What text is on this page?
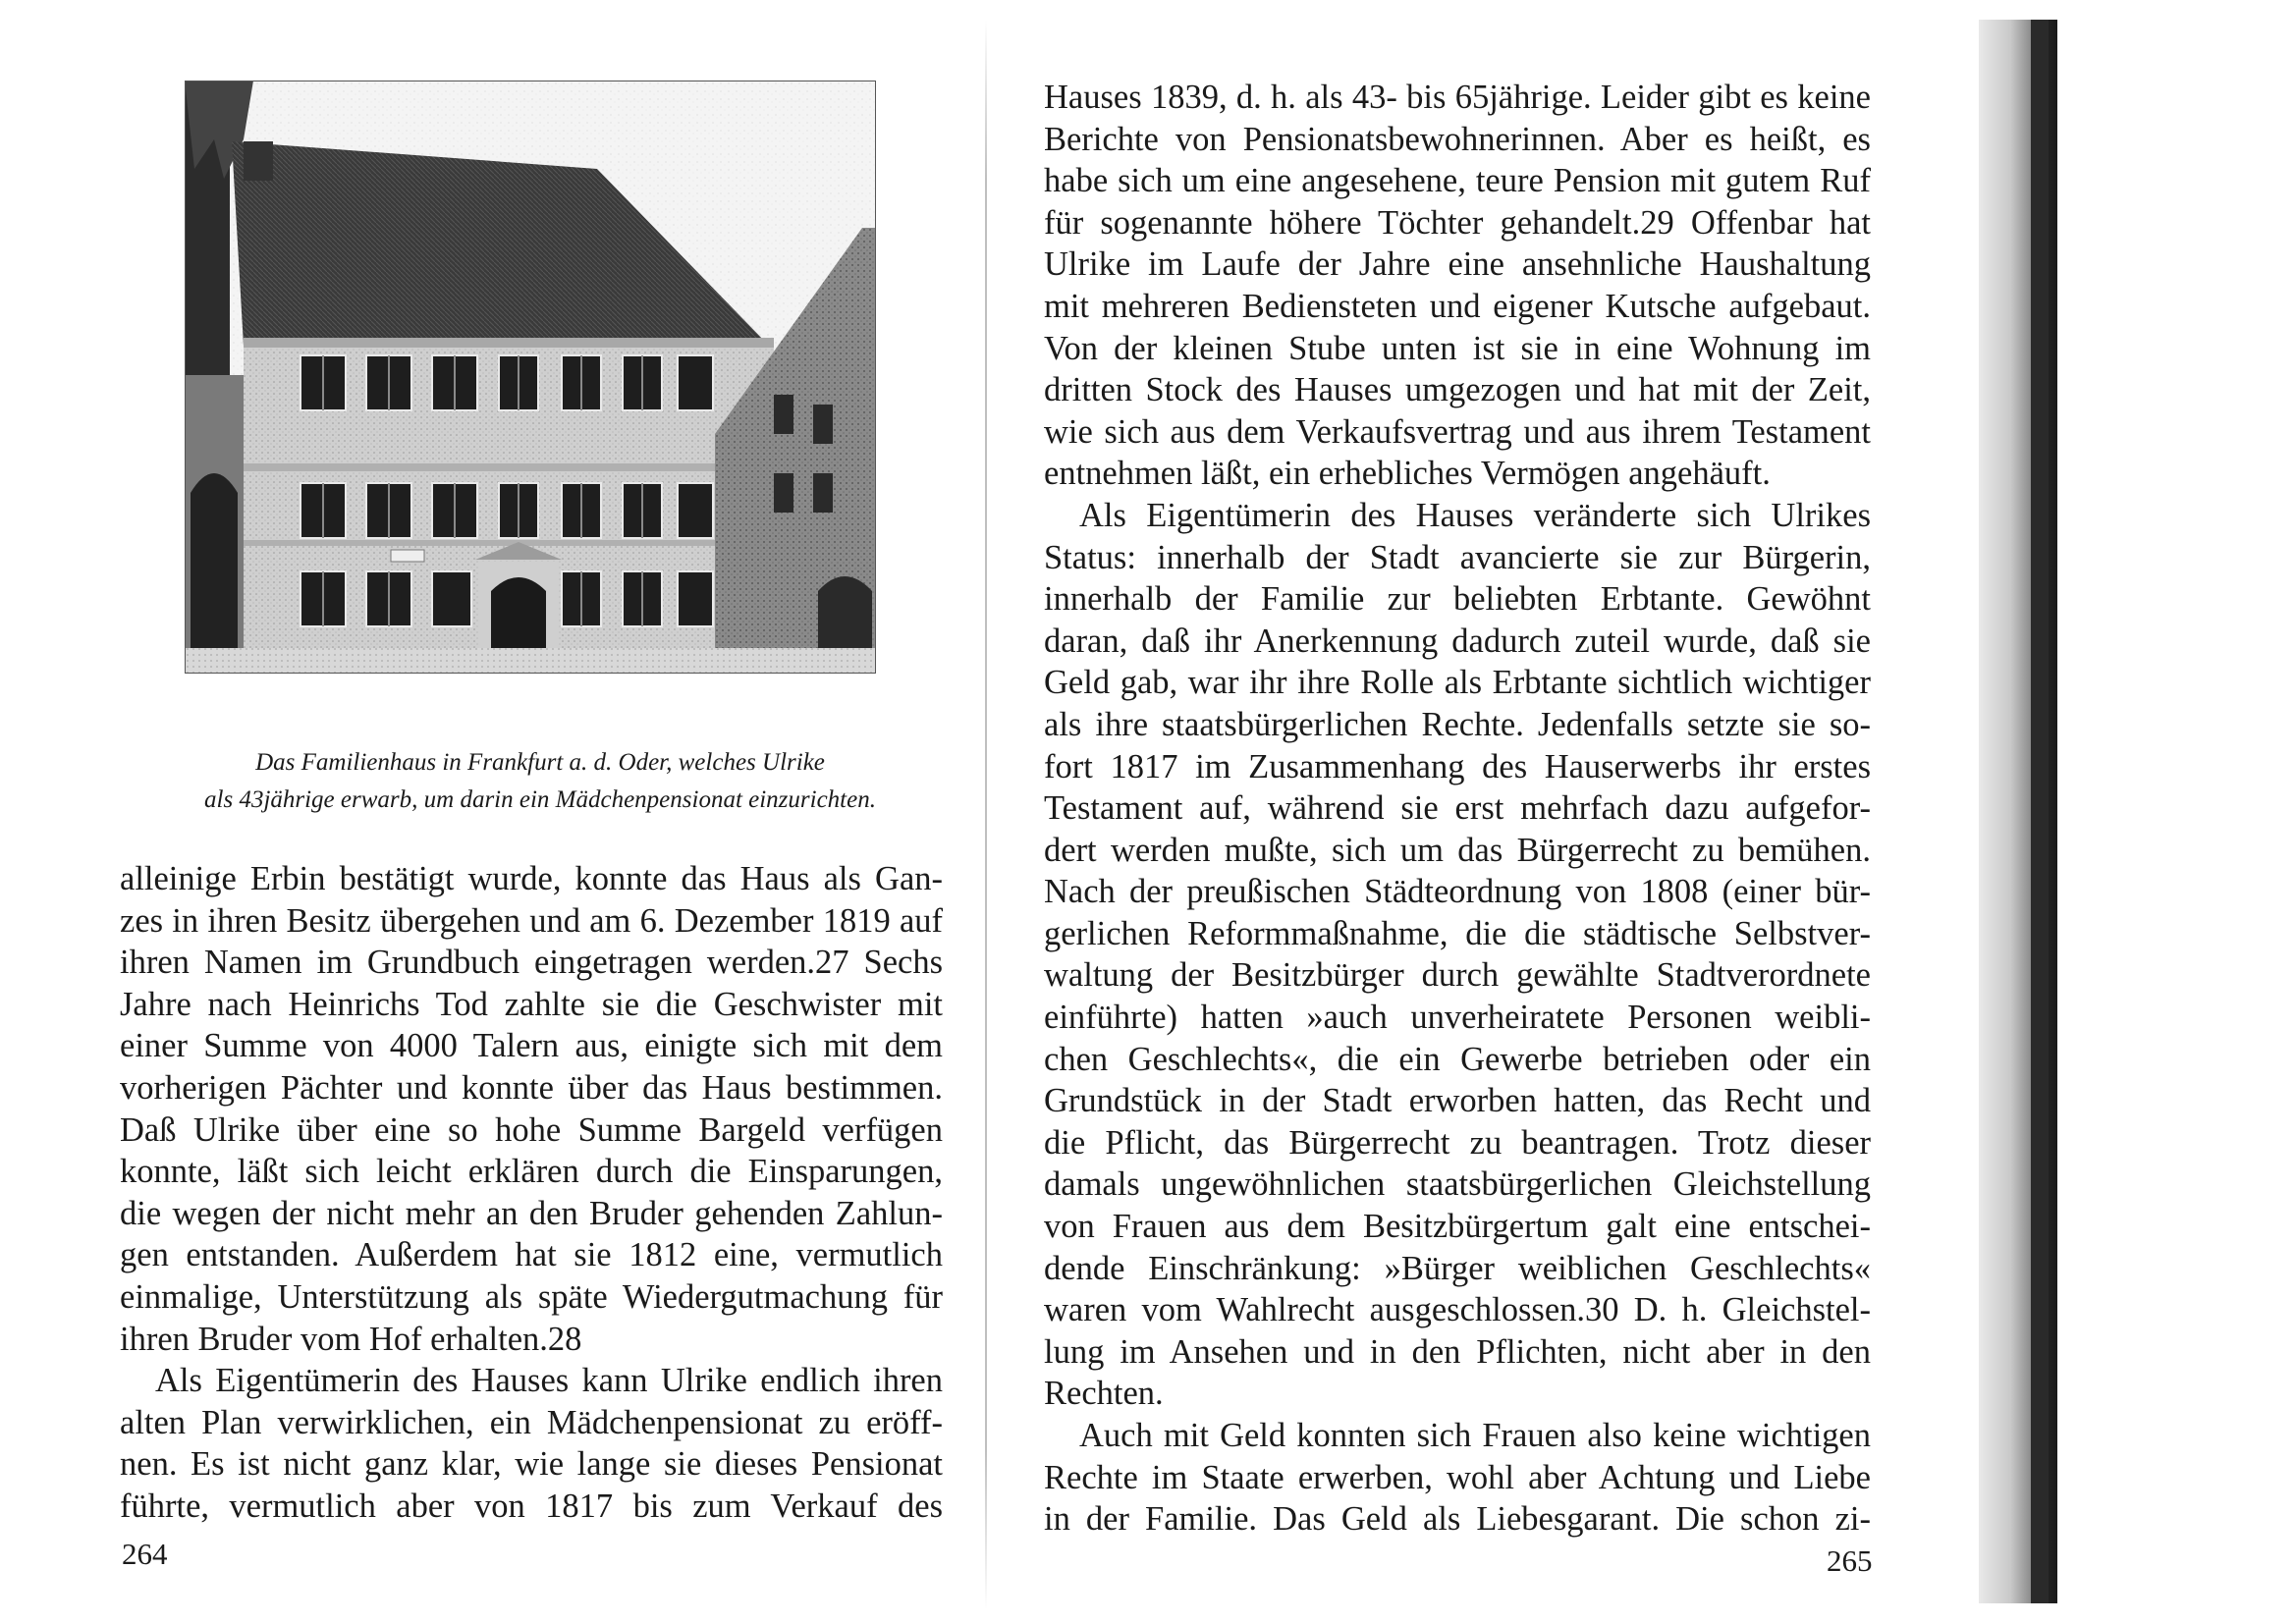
Das Familienhaus in Frankfurt a. d. Oder, welches Ulrike
als 43jährige erwarb, um darin ein Mädchenpensionat einzurichten.
alleinige Erbin bestätigt wurde, konnte das Haus als Gan-
zes in ihren Besitz übergehen und am 6. Dezember 1819 auf
ihren Namen im Grundbuch eingetragen werden.27 Sechs
Jahre nach Heinrichs Tod zahlte sie die Geschwister mit
einer Summe von 4000 Talern aus, einigte sich mit dem
vorherigen Pächter und konnte über das Haus bestimmen.
Daß Ulrike über eine so hohe Summe Bargeld verfügen
konnte, läßt sich leicht erklären durch die Einsparungen,
die wegen der nicht mehr an den Bruder gehenden Zahlun-
gen entstanden. Außerdem hat sie 1812 eine, vermutlich
einmalige, Unterstützung als späte Wiedergutmachung für
ihren Bruder vom Hof erhalten.28
Als Eigentümerin des Hauses kann Ulrike endlich ihren
alten Plan verwirklichen, ein Mädchenpensionat zu eröff-
nen. Es ist nicht ganz klar, wie lange sie dieses Pensionat
führte, vermutlich aber von 1817 bis zum Verkauf des
264
Hauses 1839, d. h. als 43- bis 65jährige. Leider gibt es keine
Berichte von Pensionatsbewohnerinnen. Aber es heißt, es
habe sich um eine angesehene, teure Pension mit gutem Ruf
für sogenannte höhere Töchter gehandelt.29 Offenbar hat
Ulrike im Laufe der Jahre eine ansehnliche Haushaltung
mit mehreren Bediensteten und eigener Kutsche aufgebaut.
Von der kleinen Stube unten ist sie in eine Wohnung im
dritten Stock des Hauses umgezogen und hat mit der Zeit,
wie sich aus dem Verkaufsvertrag und aus ihrem Testament
entnehmen läßt, ein erhebliches Vermögen angehäuft.
Als Eigentümerin des Hauses veränderte sich Ulrikes
Status: innerhalb der Stadt avancierte sie zur Bürgerin,
innerhalb der Familie zur beliebten Erbtante. Gewöhnt
daran, daß ihr Anerkennung dadurch zuteil wurde, daß sie
Geld gab, war ihr ihre Rolle als Erbtante sichtlich wichtiger
als ihre staatsbürgerlichen Rechte. Jedenfalls setzte sie so-
fort 1817 im Zusammenhang des Hauserwerbs ihr erstes
Testament auf, während sie erst mehrfach dazu aufgefor-
dert werden mußte, sich um das Bürgerrecht zu bemühen.
Nach der preußischen Städteordnung von 1808 (einer bür-
gerlichen Reformmaßnahme, die die städtische Selbstver-
waltung der Besitzbürger durch gewählte Stadtverordnete
einführte) hatten »auch unverheiratete Personen weibli-
chen Geschlechts«, die ein Gewerbe betrieben oder ein
Grundstück in der Stadt erworben hatten, das Recht und
die Pflicht, das Bürgerrecht zu beantragen. Trotz dieser
damals ungewöhnlichen staatsbürgerlichen Gleichstellung
von Frauen aus dem Besitzbürgertum galt eine entschei-
dende Einschränkung: »Bürger weiblichen Geschlechts«
waren vom Wahlrecht ausgeschlossen.30 D. h. Gleichstel-
lung im Ansehen und in den Pflichten, nicht aber in den
Rechten.
Auch mit Geld konnten sich Frauen also keine wichtigen
Rechte im Staate erwerben, wohl aber Achtung und Liebe
in der Familie. Das Geld als Liebesgarant. Die schon zi-
265
